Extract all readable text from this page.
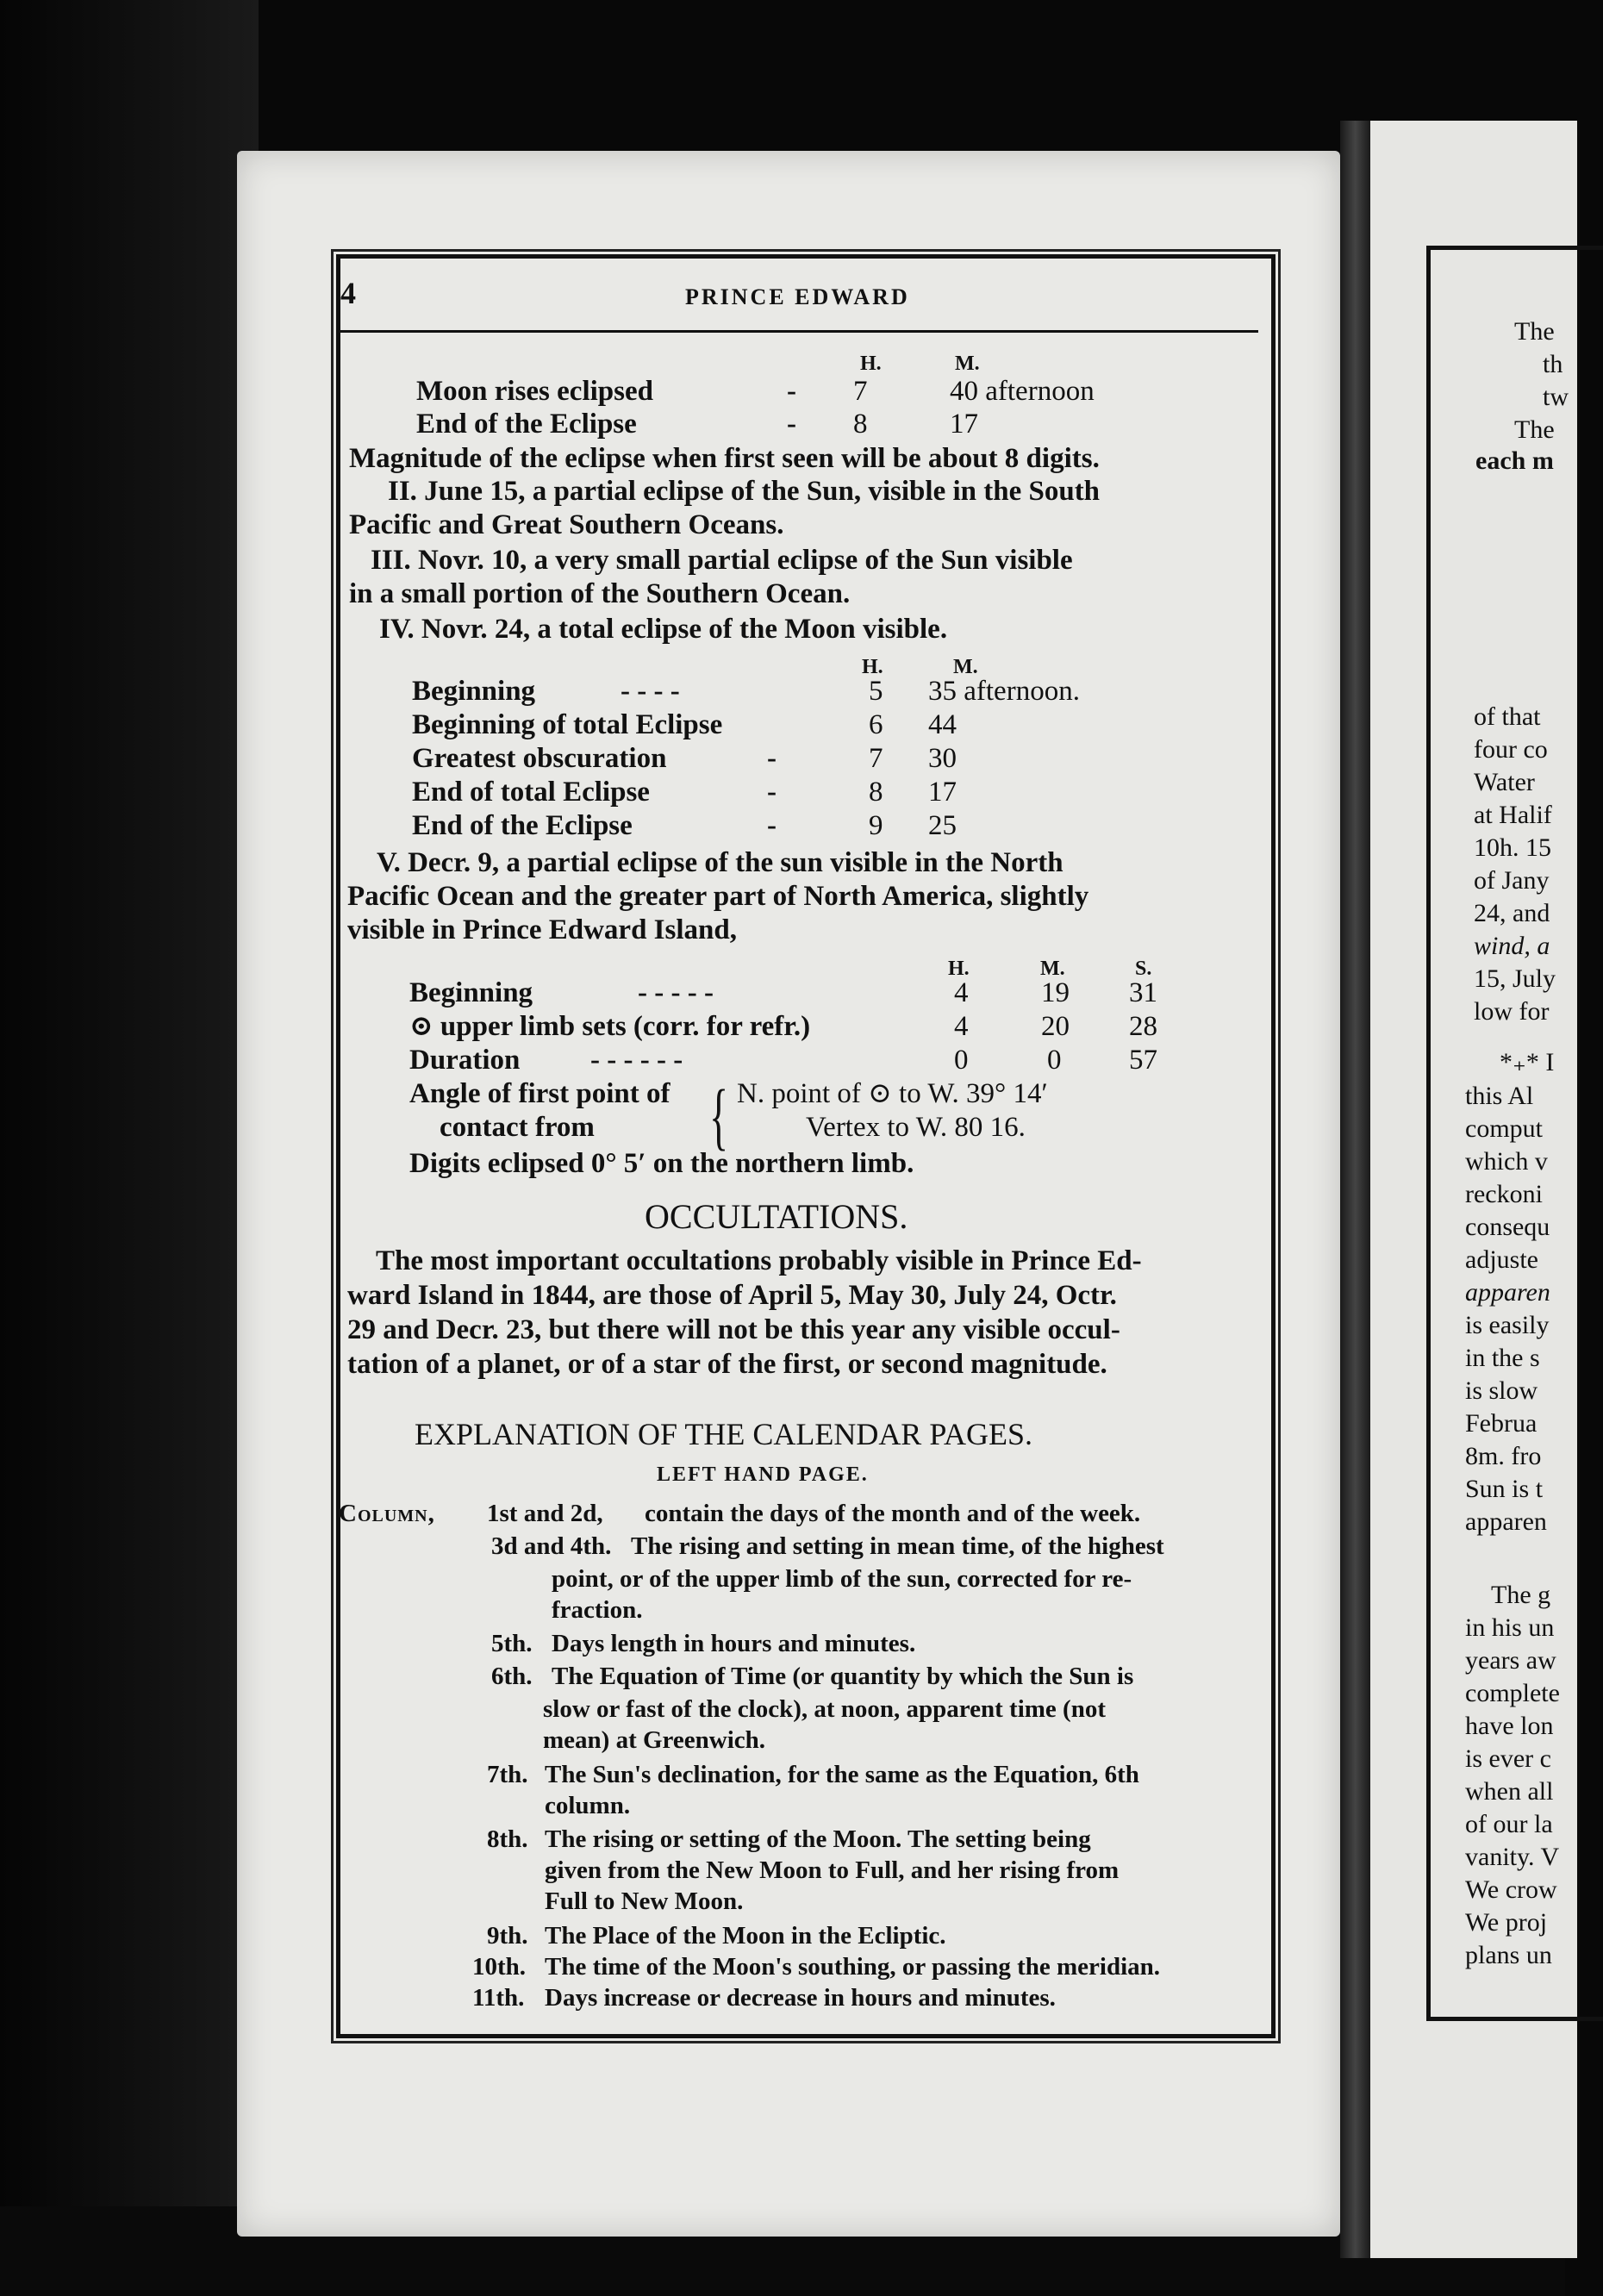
4	PRINCE EDWARD
H.	M.
Moon rises eclipsed	- 7	40 afternoon
End of the Eclipse	- 8	17
Magnitude of the eclipse when first seen will be about 8 digits.
II. June 15, a partial eclipse of the Sun, visible in the South
Pacific and Great Southern Oceans.
III. Novr. 10, a very small partial eclipse of the Sun visible
in a small portion of the Southern Ocean.
IV. Novr. 24, a total eclipse of the Moon visible.
H.	M.
Beginning	- - - -	5 35 afternoon.
Beginning of total Eclipse	6 44
Greatest obscuration	-	7 30
End of total Eclipse	-	8 17
End of the Eclipse	-	9 25
V. Decr. 9, a partial eclipse of the sun visible in the North
Pacific Ocean and the greater part of North America, slightly
visible in Prince Edward Island,
H.	M.	S.
Beginning	- - - - -	4	19 31
⊙ upper limb sets (corr. for refr.)	4	20 28
Duration - - - - - -	0	0 57
Angle of first point of
contact from	{ N. point of ⊙ to W. 39° 14′
Vertex to W. 80 16.
Digits eclipsed 0° 5′ on the northern limb.
OCCULTATIONS.
The most important occultations probably visible in Prince Ed-
ward Island in 1844, are those of April 5, May 30, July 24, Octr.
29 and Decr. 23, but there will not be this year any visible occul-
tation of a planet, or of a star of the first, or second magnitude.
EXPLANATION OF THE CALENDAR PAGES.
LEFT HAND PAGE.
Column, 1st and 2d, contain the days of the month and of the week.
3d and 4th. The rising and setting in mean time, of the highest
point, or of the upper limb of the sun, corrected for re-
fraction.
5th. Days length in hours and minutes.
6th. The Equation of Time (or quantity by which the Sun is
slow or fast of the clock), at noon, apparent time (not
mean) at Greenwich.
7th. The Sun's declination, for the same as the Equation, 6th
column.
8th. The rising or setting of the Moon. The setting being
given from the New Moon to Full, and her rising from
Full to New Moon.
9th. The Place of the Moon in the Ecliptic.
10th. The time of the Moon's southing, or passing the meridian.
11th. Days increase or decrease in hours and minutes.
The
th
tw
The
each m
of that
four co
Water
at Halif
10h. 15
of Jany
24, and
wind, a
15, July
low for
*₊* I
this Al
comput
which v
reckoni
consequ
adjuste
apparen
is easily
in the s
is slow
Februa
8m. fro
Sun is t
apparen
The g
in his un
years aw
complete
have lon
is ever c
when all
of our la
vanity. V
We crow
We proj
plans un
